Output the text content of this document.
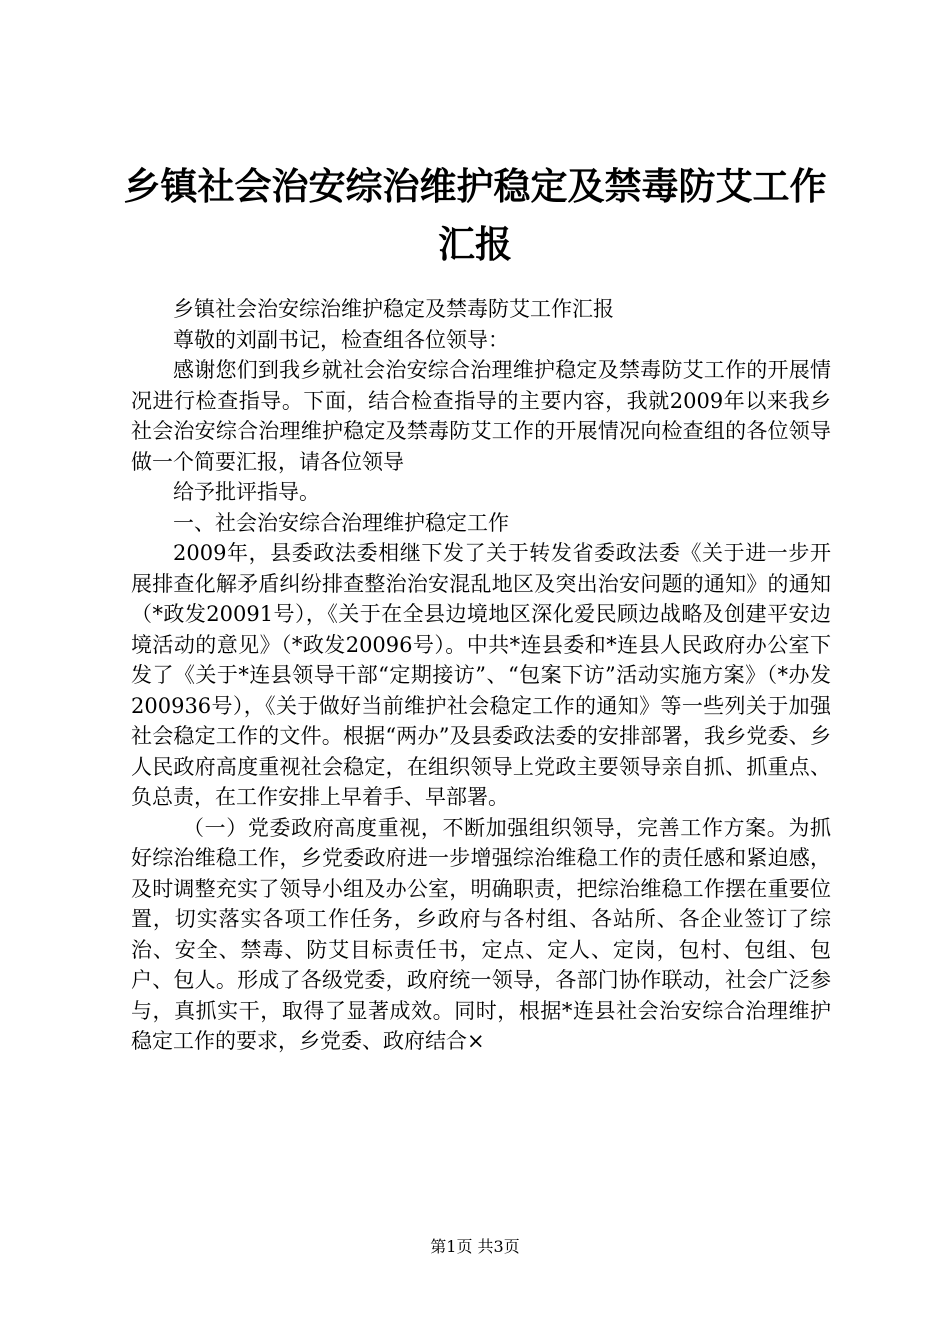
乡镇社会治安综治维护稳定及禁毒防艾工作汇报

乡镇社会治安综治维护稳定及禁毒防艾工作汇报

尊敬的刘副书记，检查组各位领导：

感谢您们到我乡就社会治安综合治理维护稳定及禁毒防艾工作的开展情况进行检查指导。下面，结合检查指导的主要内容，我就2009年以来我乡社会治安综合治理维护稳定及禁毒防艾工作的开展情况向检查组的各位领导做一个简要汇报，请各位领导

给予批评指导。

一、社会治安综合治理维护稳定工作

2009年，县委政法委相继下发了关于转发省委政法委《关于进一步开展排查化解矛盾纠纷排查整治治安混乱地区及突出治安问题的通知》的通知（*政发20091号），《关于在全县边境地区深化爱民顾边战略及创建平安边境活动的意见》（*政发20096号）。中共*连县委和*连县人民政府办公室下发了《关于*连县领导干部“定期接访”、“包案下访”活动实施方案》（*办发200936号），《关于做好当前维护社会稳定工作的通知》等一些列关于加强社会稳定工作的文件。根据“两办”及县委政法委的安排部署，我乡党委、乡人民政府高度重视社会稳定，在组织领导上党政主要领导亲自抓、抓重点、负总责，在工作安排上早着手、早部署。

（一）党委政府高度重视，不断加强组织领导，完善工作方案。为抓好综治维稳工作，乡党委政府进一步增强综治维稳工作的责任感和紧迫感，及时调整充实了领导小组及办公室，明确职责，把综治维稳工作摆在重要位置，切实落实各项工作任务，乡政府与各村组、各站所、各企业签订了综治、安全、禁毒、防艾目标责任书，定点、定人、定岗，包村、包组、包户、包人。形成了各级党委，政府统一领导，各部门协作联动，社会广泛参与，真抓实干，取得了显著成效。同时，根据*连县社会治安综合治理维护稳定工作的要求，乡党委、政府结合×

第1页 共3页
